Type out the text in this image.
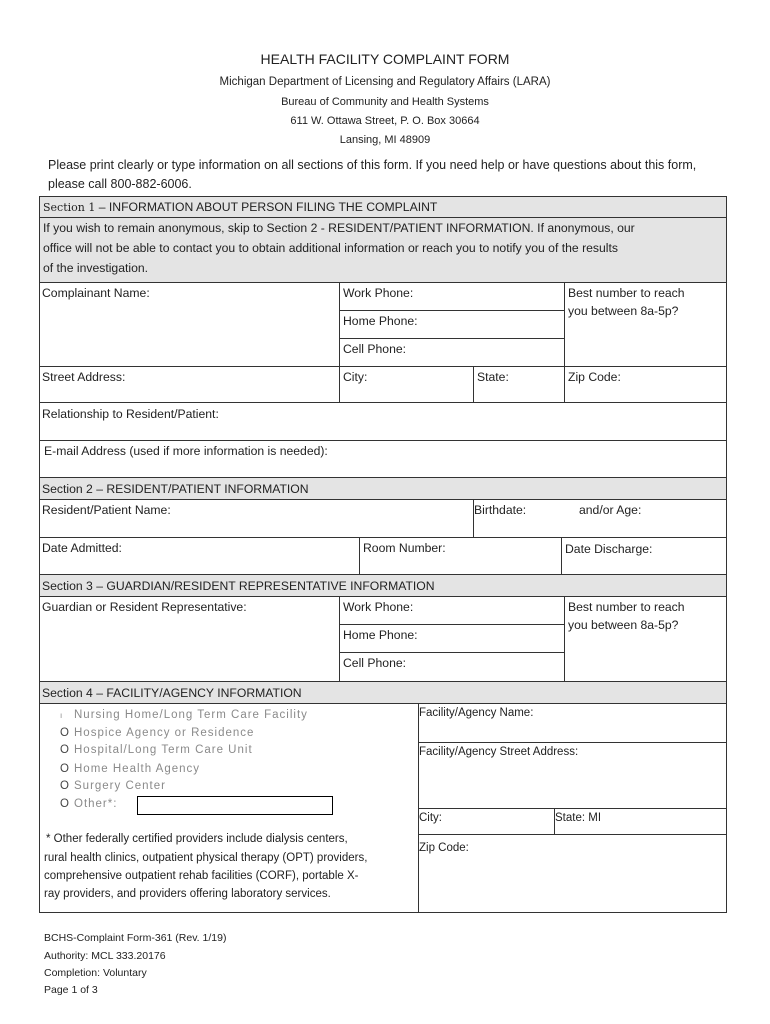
HEALTH FACILITY COMPLAINT FORM
Michigan Department of Licensing and Regulatory Affairs (LARA)
Bureau of Community and Health Systems
611 W. Ottawa Street, P. O. Box 30664
Lansing, MI 48909
Please print clearly or type information on all sections of this form. If you need help or have questions about this form, please call 800-882-6006.
Section 1 – INFORMATION ABOUT PERSON FILING THE COMPLAINT
If you wish to remain anonymous, skip to Section 2 - RESIDENT/PATIENT INFORMATION. If anonymous, our
office will not be able to contact you to obtain additional information or reach you to notify you of the results
of the investigation.
Complainant Name:	Work Phone:
Home Phone:
Cell Phone:
Best number to reach
you between 8a-5p?
Street Address:	City:	State:	Zip Code:
Relationship to Resident/Patient:
E-mail Address (used if more information is needed):
Section 2 – RESIDENT/PATIENT INFORMATION
Resident/Patient Name:	Birthdate:	and/or Age:
Date Admitted:	Room Number:	Date Discharge:
Section 3 – GUARDIAN/RESIDENT REPRESENTATIVE INFORMATION
Guardian or Resident Representative:	Work Phone:
Home Phone:
Cell Phone:
Best number to reach
you between 8a-5p?
Section 4 – FACILITY/AGENCY INFORMATION
ı Nursing Home/Long Term Care Facility
O Hospice Agency or Residence
O Hospital/Long Term Care Unit
O Home Health Agency
O Surgery Center
O Other*:
* Other federally certified providers include dialysis centers,
rural health clinics, outpatient physical therapy (OPT) providers,
comprehensive outpatient rehab facilities (CORF), portable X-
ray providers, and providers offering laboratory services.
Facility/Agency Name:
Facility/Agency Street Address:
City:	State: MI
Zip Code:
BCHS-Complaint Form-361 (Rev. 1/19)
Authority: MCL 333.20176
Completion: Voluntary
Page 1 of 3
